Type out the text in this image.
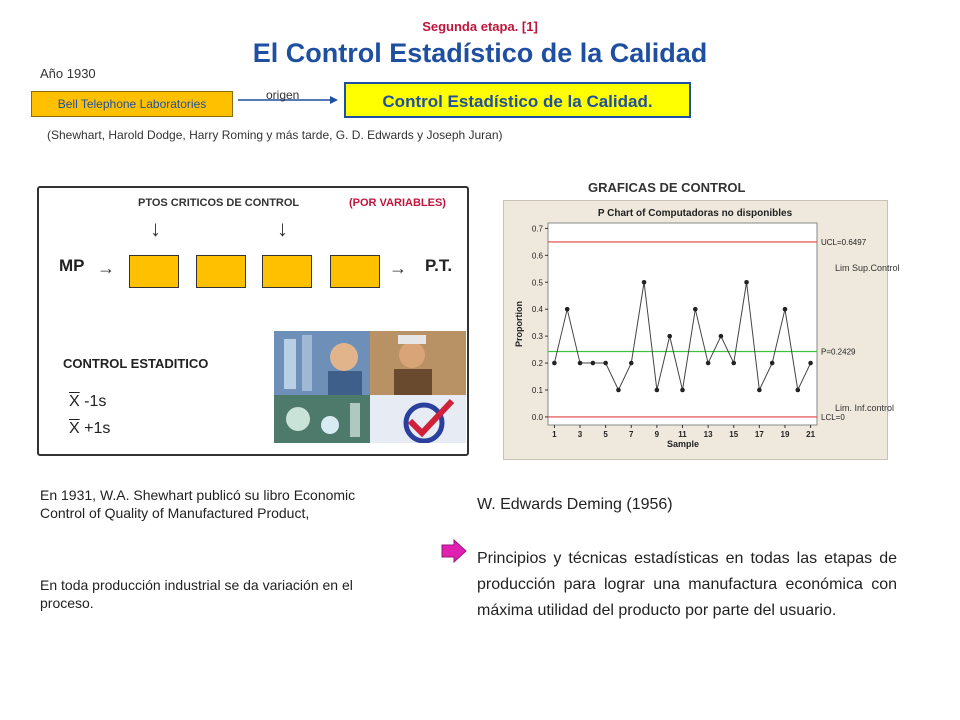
Segunda etapa. [1]
El Control Estadístico de la Calidad
Año 1930
Bell Telephone Laboratories
origen	Control Estadístico de la Calidad.
(Shewhart, Harold Dodge, Harry Roming y más tarde, G. D. Edwards y Joseph Juran)
PTOS CRITICOS DE CONTROL	(POR VARIABLES)
↓	↓
MP →	→ P.T.
CONTROL ESTADITICO
$\overline{X}$ -1s
$\overline{X} +1s$
GRAFICAS DE CONTROL
P Chart of Computadoras no disponibles
Sample
Proportion
0.0
0.1
0.2
0.3
0.4
0.5
0.6
0.7
1	3	5	7	9 11 13 15 17 19 21
UCL=0.6497
P=0.2429
LCL=0
Lim Sup.Control
Lim. Inf.control
En 1931, W.A. Shewhart publicó su libro Economic Control of Quality of Manufactured Product,
En toda producción industrial se da variación en el proceso.
W. Edwards Deming (1956)
Principios y técnicas estadísticas en todas las etapas de producción para lograr una manufactura económica con máxima utilidad del producto por parte del usuario.
